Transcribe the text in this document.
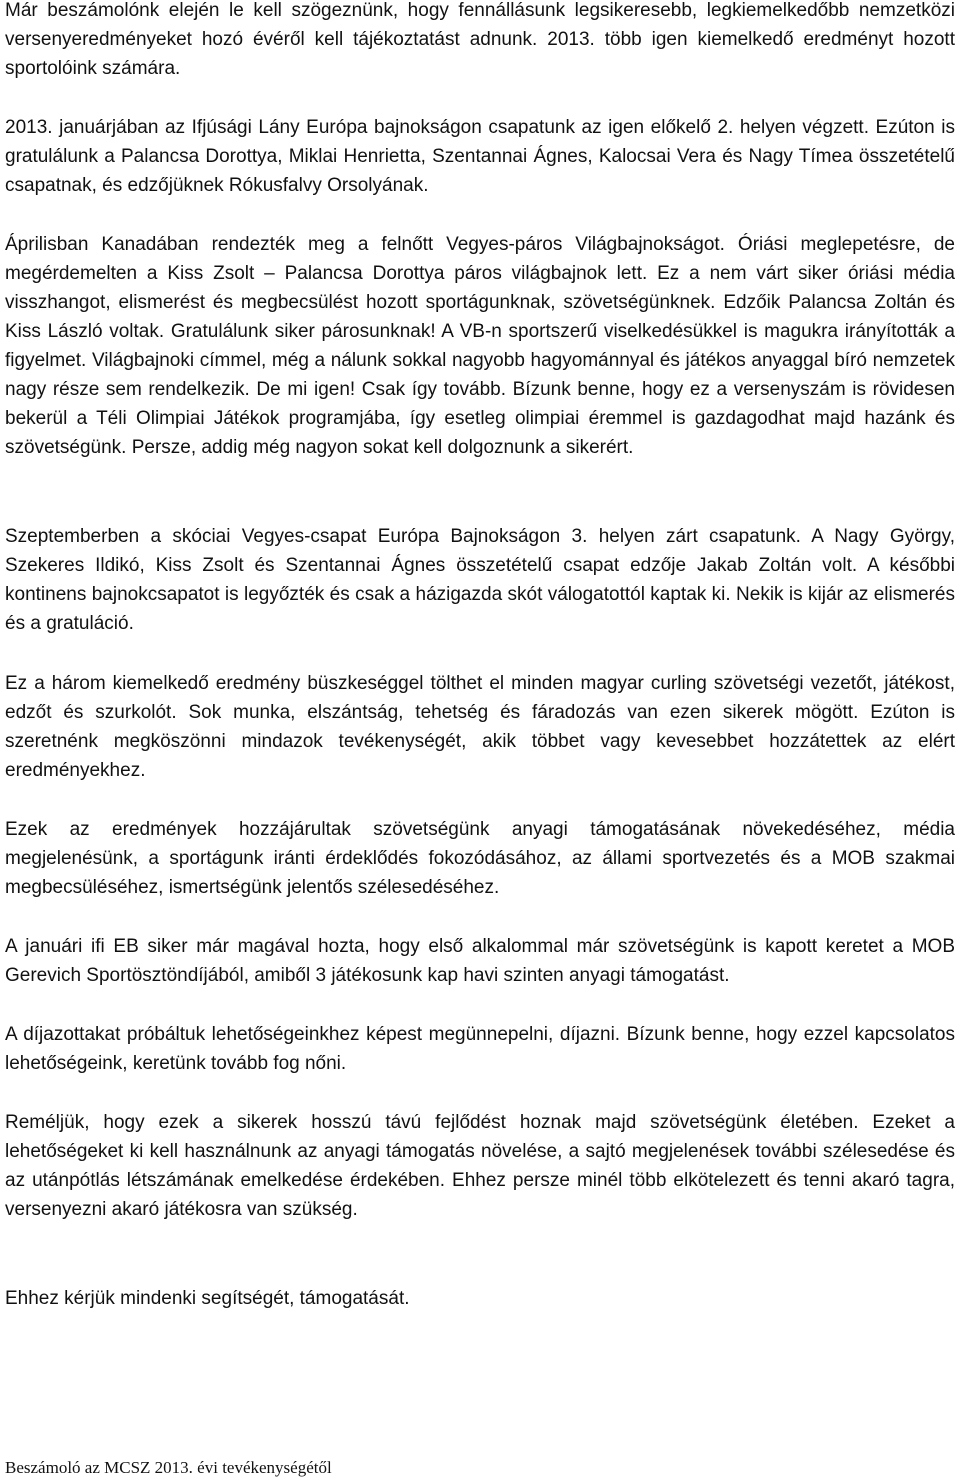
Már beszámolónk elején le kell szögeznünk, hogy fennállásunk legsikeresebb, legkiemelkedőbb nemzetközi versenyeredményeket hozó évéről kell tájékoztatást adnunk. 2013. több igen kiemelkedő eredményt hozott sportolóink számára.

2013. januárjában az Ifjúsági Lány Európa bajnokságon csapatunk az igen előkelő 2. helyen végzett. Ezúton is gratulálunk a Palancsa Dorottya, Miklai Henrietta, Szentannai Ágnes, Kalocsai Vera és Nagy Tímea összetételű csapatnak, és edzőjüknek Rókusfalvy Orsolyának.

Áprilisban Kanadában rendezték meg a felnőtt Vegyes-páros Világbajnokságot. Óriási meglepetésre, de megérdemelten a Kiss Zsolt – Palancsa Dorottya páros világbajnok lett. Ez a nem várt siker óriási média visszhangot, elismerést és megbecsülést hozott sportágunknak, szövetségünknek. Edzőik Palancsa Zoltán és Kiss László voltak. Gratulálunk siker párosunknak! A VB-n sportszerű viselkedésükkel is magukra irányították a figyelmet. Világbajnoki címmel, még a nálunk sokkal nagyobb hagyománnyal és játékos anyaggal bíró nemzetek nagy része sem rendelkezik. De mi igen! Csak így tovább. Bízunk benne, hogy ez a versenyszám is rövidesen bekerül a Téli Olimpiai Játékok programjába, így esetleg olimpiai éremmel is gazdagodhat majd hazánk és szövetségünk. Persze, addig még nagyon sokat kell dolgoznunk a sikerért.

Szeptemberben a skóciai Vegyes-csapat Európa Bajnokságon 3. helyen zárt csapatunk. A Nagy György, Szekeres Ildikó, Kiss Zsolt és Szentannai Ágnes összetételű csapat edzője Jakab Zoltán volt. A későbbi kontinens bajnokcsapatot is legyőzték és csak a házigazda skót válogatottól kaptak ki. Nekik is kijár az elismerés és a gratuláció.

Ez a három kiemelkedő eredmény büszkeséggel tölthet el minden magyar curling szövetségi vezetőt, játékost, edzőt és szurkolót. Sok munka, elszántság, tehetség és fáradozás van ezen sikerek mögött. Ezúton is szeretnénk megköszönni mindazok tevékenységét, akik többet vagy kevesebbet hozzátettek az elért eredményekhez.

Ezek az eredmények hozzájárultak szövetségünk anyagi támogatásának növekedéséhez, média megjelenésünk, a sportágunk iránti érdeklődés fokozódásához, az állami sportvezetés és a MOB szakmai megbecsüléséhez, ismertségünk jelentős szélesedéséhez.

A januári ifi EB siker már magával hozta, hogy első alkalommal már szövetségünk is kapott keretet a MOB Gerevich Sportösztöndíjából, amiből 3 játékosunk kap havi szinten anyagi támogatást.

A díjazottakat próbáltuk lehetőségeinkhez képest megünnepelni, díjazni. Bízunk benne, hogy ezzel kapcsolatos lehetőségeink, keretünk tovább fog nőni.

Reméljük, hogy ezek a sikerek hosszú távú fejlődést hoznak majd szövetségünk életében. Ezeket a lehetőségeket ki kell használnunk az anyagi támogatás növelése, a sajtó megjelenések további szélesedése és az utánpótlás létszámának emelkedése érdekében. Ehhez persze minél több elkötelezett és tenni akaró tagra, versenyezni akaró játékosra van szükség.

Ehhez kérjük mindenki segítségét, támogatását.

Beszámoló az MCSZ 2013. évi tevékenységétől
